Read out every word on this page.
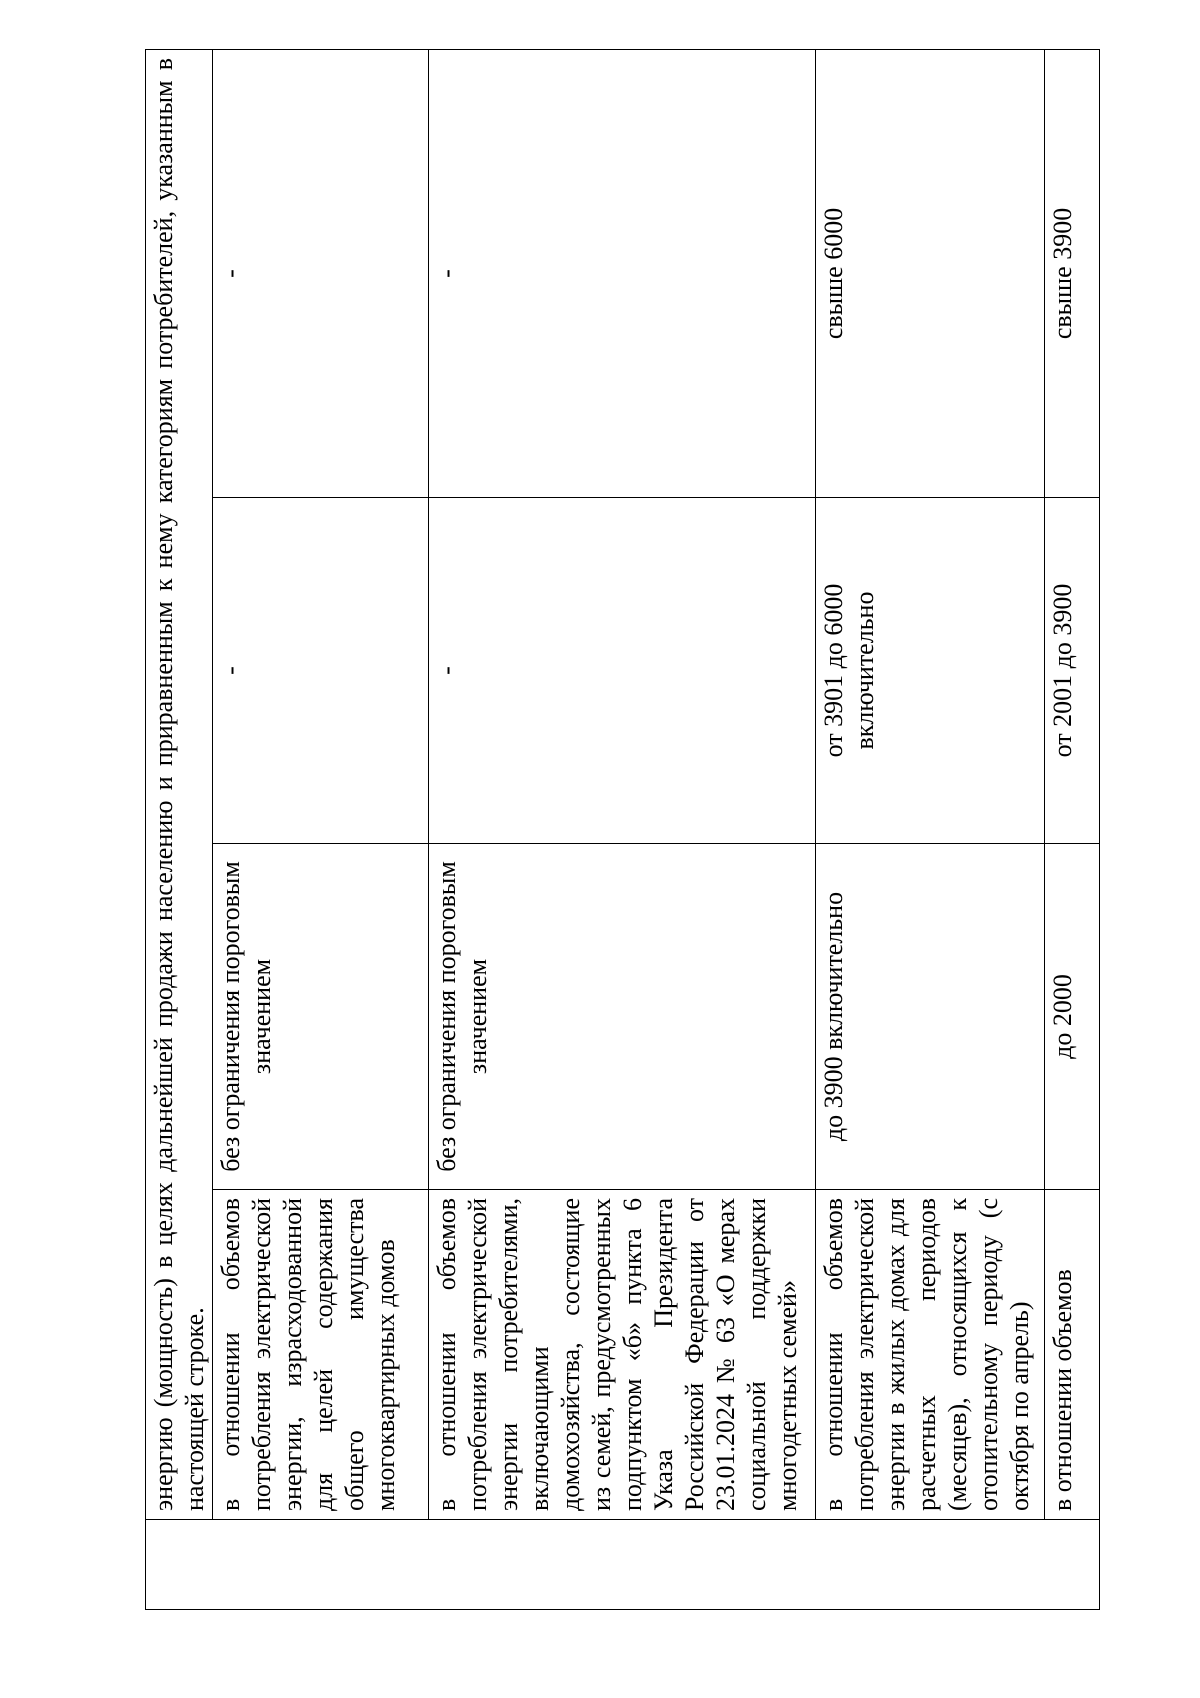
	энергию (мощность) в целях дальнейшей продажи населению и приравненным к нему категориям потребителей, указанным в настоящей строке.			

	в отношении объемов потребления электрической энергии, израсходованной для целей содержания общего имущества многоквартирных домов	без ограничения пороговым значением	-	-
	в отношении объемов потребления электрической энергии потребителями, включающими домохозяйства, состоящие из семей, предусмотренных подпунктом «б» пункта 6 Указа Президента Российской Федерации от 23.01.2024 № 63 «О мерах социальной поддержки многодетных семей»	без ограничения пороговым значением	-	-
	в отношении объемов потребления электрической энергии в жилых домах для расчетных периодов (месяцев), относящихся к отопительному периоду (с октября по апрель)	до 3900 включительно	от 3901 до 6000 включительно	свыше 6000
	в отношении объемов	до 2000	от 2001 до 3900	свыше 3900
